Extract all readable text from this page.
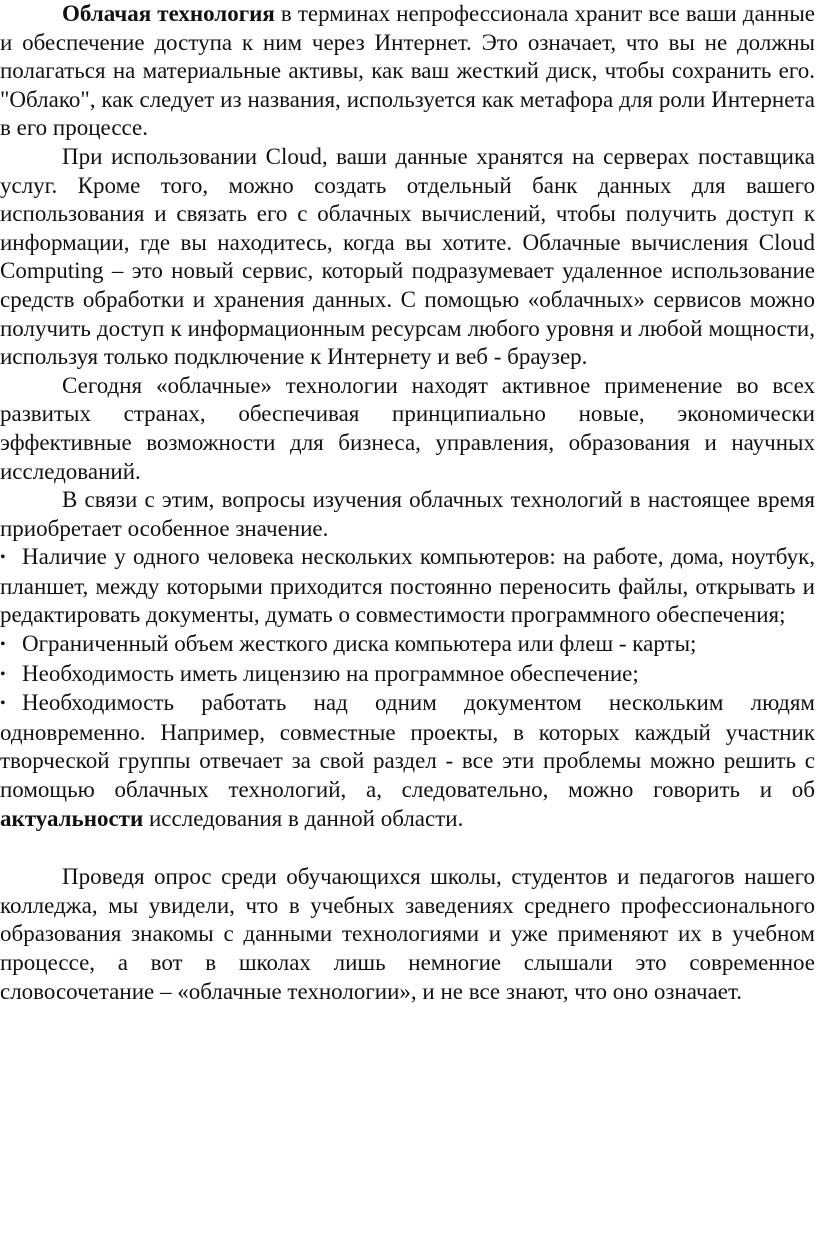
Облачая технология в терминах непрофессионала хранит все ваши данные и обеспечение доступа к ним через Интернет. Это означает, что вы не должны полагаться на материальные активы, как ваш жесткий диск, чтобы сохранить его. "Облако", как следует из названия, используется как метафора для роли Интернета в его процессе.

При использовании Cloud, ваши данные хранятся на серверах поставщика услуг. Кроме того, можно создать отдельный банк данных для вашего использования и связать его с облачных вычислений, чтобы получить доступ к информации, где вы находитесь, когда вы хотите. Облачные вычисления Cloud Computing – это новый сервис, который подразумевает удаленное использование средств обработки и хранения данных. С помощью «облачных» сервисов можно получить доступ к информационным ресурсам любого уровня и любой мощности, используя только подключение к Интернету и веб - браузер.

Сегодня «облачные» технологии находят активное применение во всех развитых странах, обеспечивая принципиально новые, экономически эффективные возможности для бизнеса, управления, образования и научных исследований.

В связи с этим, вопросы изучения облачных технологий в настоящее время приобретает особенное значение.

• Наличие у одного человека нескольких компьютеров: на работе, дома, ноутбук, планшет, между которыми приходится постоянно переносить файлы, открывать и редактировать документы, думать о совместимости программного обеспечения;

• Ограниченный объем жесткого диска компьютера или флеш - карты;

• Необходимость иметь лицензию на программное обеспечение;

• Необходимость работать над одним документом нескольким людям одновременно. Например, совместные проекты, в которых каждый участник творческой группы отвечает за свой раздел - все эти проблемы можно решить с помощью облачных технологий, а, следовательно, можно говорить и об актуальности исследования в данной области.

Проведя опрос среди обучающихся школы, студентов и педагогов нашего колледжа, мы увидели, что в учебных заведениях среднего профессионального образования знакомы с данными технологиями и уже применяют их в учебном процессе, а вот в школах лишь немногие слышали это современное словосочетание – «облачные технологии», и не все знают, что оно означает.
